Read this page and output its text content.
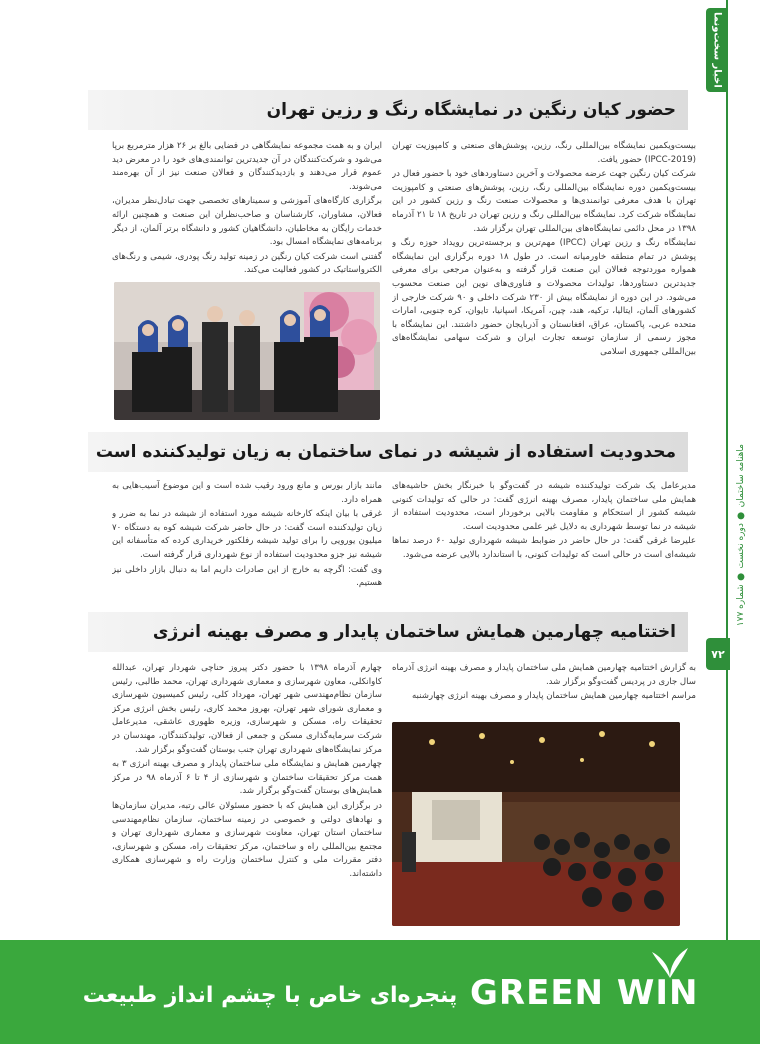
اخبار سخت‌ونما
ماهنامه ساختمان ● دوره نخست ● شماره ۱۷۷
۷۲
حضور کیان رنگین در نمایشگاه رنگ و رزین تهران

بیست‌ویکمین نمایشگاه بین‌المللی رنگ، رزین، پوشش‌های صنعتی و کامپوزیت تهران (IPCC-2019) حضور یافت.

شرکت کیان رنگین جهت عرضه محصولات و آخرین دستاوردهای خود با حضور فعال در بیست‌ویکمین دوره نمایشگاه بین‌المللی رنگ، رزین، پوشش‌های صنعتی و کامپوزیت تهران با هدف معرفی توانمندی‌ها و محصولات صنعت رنگ و رزین کشور در این نمایشگاه شرکت کرد. نمایشگاه بین‌المللی رنگ و رزین تهران در تاریخ ۱۸ تا ۲۱ آذرماه ۱۳۹۸ در محل دائمی نمایشگاه‌های بین‌المللی تهران برگزار شد.

نمایشگاه رنگ و رزین تهران (IPCC) مهم‌ترین و برجسته‌ترین رویداد حوزه رنگ و پوشش در تمام منطقه خاورمیانه است. در طول ۱۸ دوره برگزاری این نمایشگاه همواره موردتوجه فعالان این صنعت قرار گرفته و به‌عنوان مرجعی برای معرفی جدیدترین دستاوردها، تولیدات محصولات و فناوری‌های نوین این صنعت محسوب می‌شود. در این دوره از نمایشگاه بیش از ۲۳۰ شرکت داخلی و ۹۰ شرکت خارجی از کشورهای آلمان، ایتالیا، ترکیه، هند، چین، آمریکا، اسپانیا، تایوان، کره جنوبی، امارات متحده عربی، پاکستان، عراق، افغانستان و آذربایجان حضور داشتند. این نمایشگاه با مجوز رسمی از سازمان توسعه تجارت ایران و شرکت سهامی نمایشگاه‌های بین‌المللی جمهوری اسلامی

ایران و به همت مجموعه نمایشگاهی در فضایی بالغ بر ۲۶ هزار مترمربع برپا می‌شود و شرکت‌کنندگان در آن جدیدترین توانمندی‌های خود را در معرض دید عموم قرار می‌دهند و بازدیدکنندگان و فعالان صنعت نیز از آن بهره‌مند می‌شوند.

برگزاری کارگاه‌های آموزشی و سمینارهای تخصصی جهت تبادل‌نظر مدیران، فعالان، مشاوران، کارشناسان و صاحب‌نظران این صنعت و همچنین ارائه خدمات رایگان به مخاطبان، دانشگاهیان کشور و دانشگاه برتر آلمان، از دیگر برنامه‌های نمایشگاه امسال بود.

گفتنی است شرکت کیان رنگین در زمینه تولید رنگ پودری، شیمی و رنگ‌های الکترواستاتیک در کشور فعالیت می‌کند.

محدودیت استفاده از شیشه در نمای ساختمان به زیان تولیدکننده است

مدیرعامل یک شرکت تولیدکننده شیشه در گفت‌وگو با خبرنگار بخش حاشیه‌های همایش ملی ساختمان پایدار، مصرف بهینه انرژی گفت: در حالی که تولیدات کنونی شیشه کشور از استحکام و مقاومت بالایی برخوردار است، محدودیت استفاده از شیشه در نما توسط شهرداری به دلایل غیر علمی محدودیت است.

علیرضا غرقی گفت: در حال حاضر در ضوابط شیشه شهرداری تولید ۶۰ درصد نماها شیشه‌ای است در حالی است که تولیدات کنونی، با استاندارد بالایی عرضه می‌شود.

مانند بازار بورس و مانع ورود رقیب شده است و این موضوع آسیب‌هایی به همراه دارد.

غرقی با بیان اینکه کارخانه شیشه مورد استفاده از شیشه در نما به ضرر و زیان تولیدکننده است گفت: در حال حاضر شرکت شیشه کوه به دستگاه ۷۰ میلیون یورویی را برای تولید شیشه رفلکتور خریداری کرده که متأسفانه این شیشه نیز جزو محدودیت استفاده از نوع شهرداری قرار گرفته است.

وی گفت: اگرچه به خارج از این صادرات داریم اما به دنبال بازار داخلی نیز هستیم.

اختتامیه چهارمین همایش ساختمان پایدار و مصرف بهینه انرژی

به گزارش اختتامیه چهارمین همایش ملی ساختمان پایدار و مصرف بهینه انرژی آذرماه سال جاری در پردیس گفت‌وگو برگزار شد.

مراسم اختتامیه چهارمین همایش ساختمان پایدار و مصرف بهینه انرژی چهارشنبه

چهارم آذرماه ۱۳۹۸ با حضور دکتر پیروز حناچی شهردار تهران، عبدالله کاوانکلی، معاون شهرسازی و معماری شهرداری تهران، محمد طالبی، رئیس سازمان نظام‌مهندسی شهر تهران، مهرداد کلی، رئیس کمیسیون شهرسازی و معماری شورای شهر تهران، بهروز محمد کاری، رئیس بخش انرژی مرکز تحقیقات راه، مسکن و شهرسازی، وزیره ظهوری عاشقی، مدیرعامل شرکت سرمایه‌گذاری مسکن و جمعی از فعالان، تولیدکنندگان، مهندسان در مرکز نمایشگاه‌های شهرداری تهران جنب بوستان گفت‌وگو برگزار شد.

چهارمین همایش و نمایشگاه ملی ساختمان پایدار و مصرف بهینه انرژی ۳ به همت مرکز تحقیقات ساختمان و شهرسازی از ۴ تا ۶ آذرماه ۹۸ در مرکز همایش‌های بوستان گفت‌وگو برگزار شد.

در برگزاری این همایش که با حضور مسئولان عالی رتبه، مدیران سازمان‌ها و نهادهای دولتی و خصوصی در زمینه ساختمان، سازمان نظام‌مهندسی ساختمان استان تهران، معاونت شهرسازی و معماری شهرداری تهران و مجتمع بین‌المللی راه و ساختمان، مرکز تحقیقات راه، مسکن و شهرسازی، دفتر مقررات ملی و کنترل ساختمان وزارت راه و شهرسازی همکاری داشته‌اند.

پنجره‌ای خاص با چشم انداز طبیعت GREEN WIN
